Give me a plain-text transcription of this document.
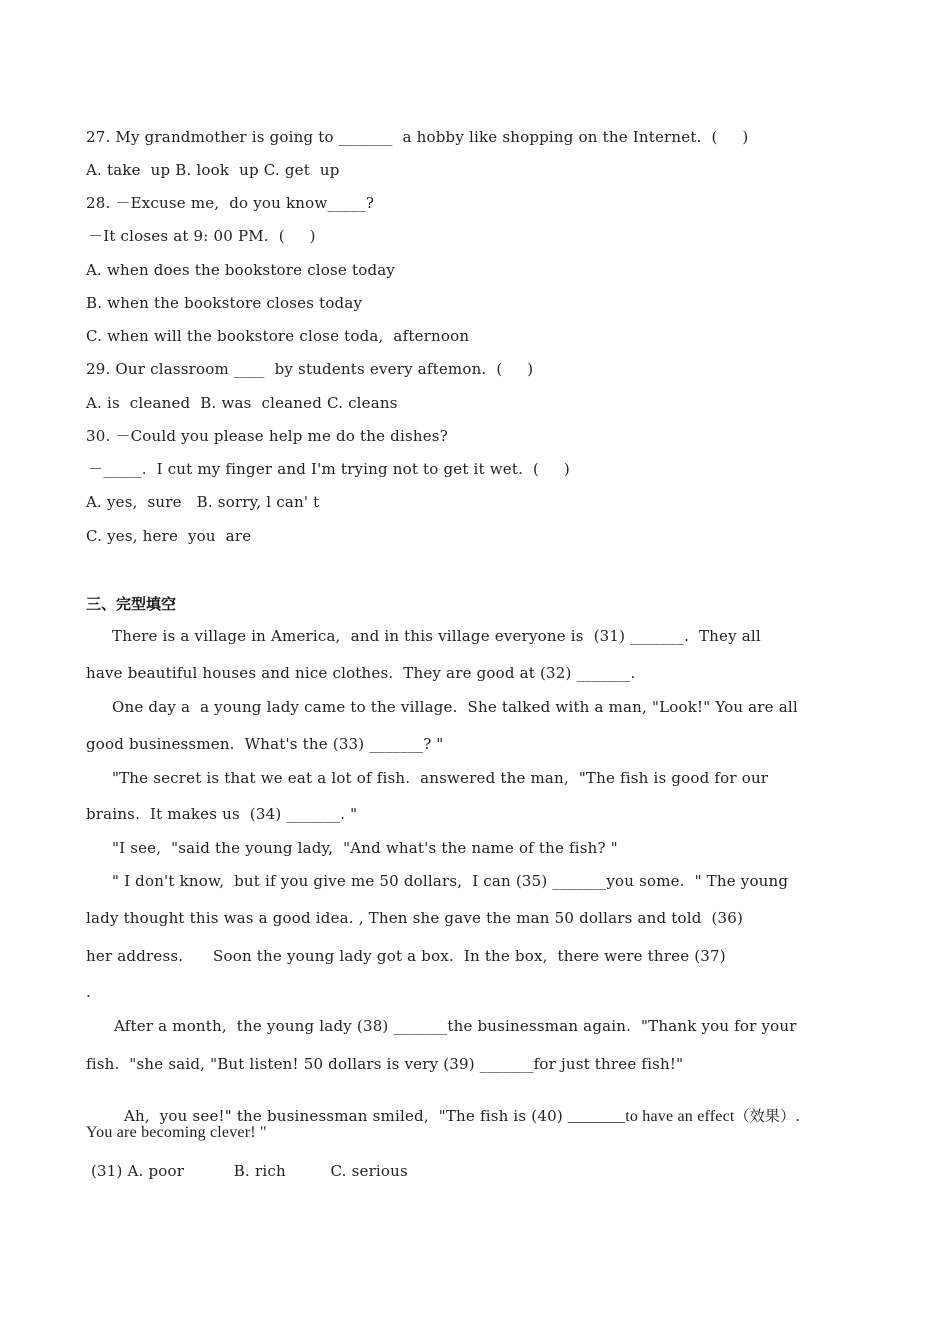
27. My grandmother is going to _______  a hobby like shopping on the Internet.  (     )
A. take  up B. look  up C. get  up
28. －Excuse me,  do you know_____?
－It closes at 9: 00 PM.  (     )
A. when does the bookstore close today
B. when the bookstore closes today
C. when will the bookstore close toda,  afternoon
29. Our classroom ____  by students every aftemon.  (     )
A. is  cleaned  B. was  cleaned C. cleans
30. －Could you please help me do the dishes?
－_____.  I cut my finger and I'm trying not to get it wet.  (     )
A. yes,  sure   B. sorry, l can' t
C. yes, here  you  are
三、完型填空
There is a village in America,  and in this village everyone is  (31) _______.  They all
have beautiful houses and nice clothes.  They are good at (32) _______.
One day a  a young lady came to the village.  She talked with a man, "Look!" You are all
good businessmen.  What's the (33) _______? "
"The secret is that we eat a lot of fish.  answered the man,  "The fish is good for our
brains.  It makes us  (34) _______. "
"I see,  "said the young lady,  "And what's the name of the fish? "
" I don't know,  but if you give me 50 dollars,  I can (35) _______you some.  " The young
lady thought this was a good idea. , Then she gave the man 50 dollars and told  (36)
her address.      Soon the young lady got a box.  In the box,  there were three (37)
.
After a month,  the young lady (38) _______the businessman again.  "Thank you for your
fish.  "she said, "But listen! 50 dollars is very (39) _______for just three fish!"

Ah,  you see!" the businessman smiled,  "The fish is (40) _______to have an effect（效果）.

You are becoming clever! "
(31) A. poor          B. rich         C. serious
